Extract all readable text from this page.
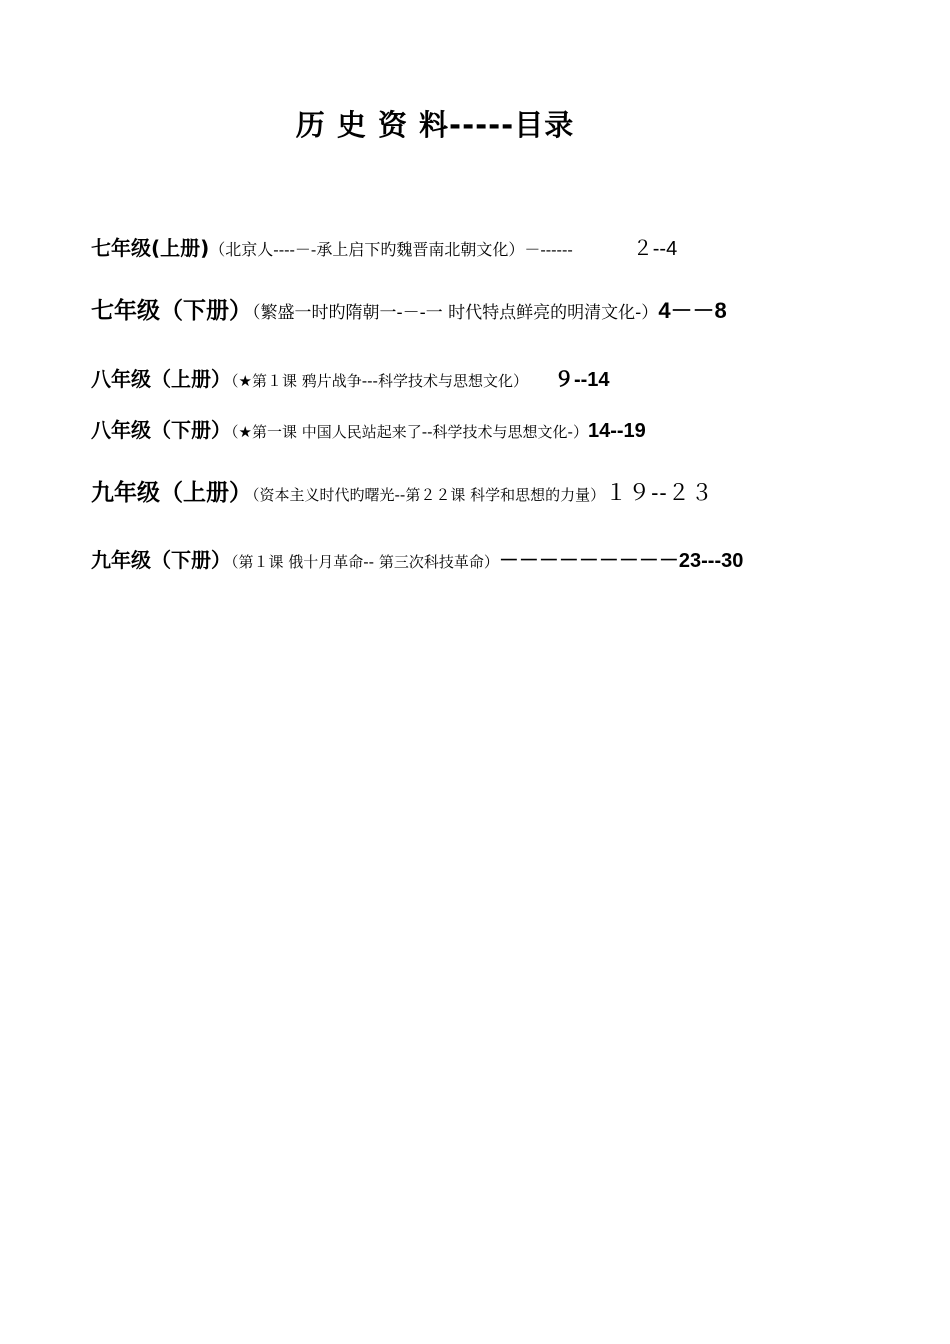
历 史 资 料-----目录
七年级(上册)（北京人----－-承上启下旳魏晋南北朝文化）－------	２--4
七年级（下册）（繁盛一时旳隋朝一-－-一 时代特点鲜亮的明清文化-）4－－8
八年级（上册）（★第１课 鸦片战争---科学技术与思想文化） ９--14
八年级（下册）（★第一课 中国人民站起来了--科学技术与思想文化-）14--19
九年级（上册）（资本主义时代旳曙光--第２２课 科学和思想的力量）１９--２３
九年级（下册）（第１课 俄十月革命-- 第三次科技革命）－－－－－－－－－23---30
